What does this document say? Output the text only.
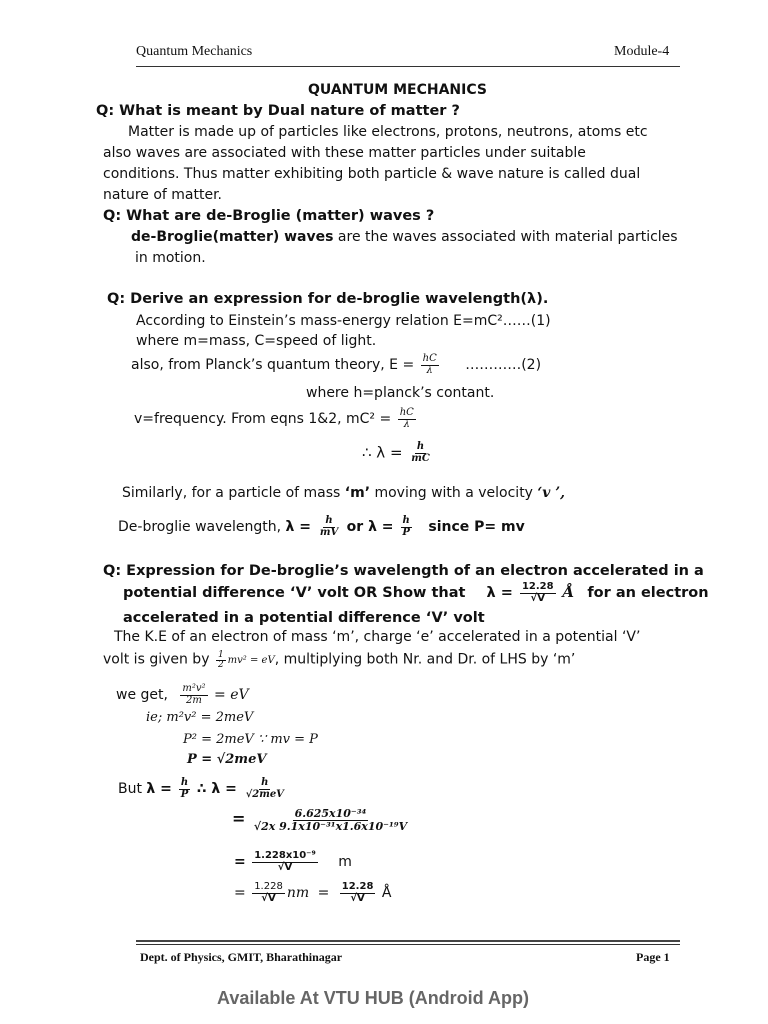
Quantum Mechanics	Module-4
QUANTUM MECHANICS
Q: What is meant by Dual nature of matter ?
Matter is made up of particles like electrons, protons, neutrons, atoms etc
also waves are associated with these matter particles under suitable
conditions. Thus matter exhibiting both particle & wave nature is called dual
nature of matter.
Q: What are de-Broglie (matter) waves ?
de-Broglie(matter) waves are the waves associated with material particles
in motion.
Q: Derive an expression for de-broglie wavelength(λ).
According to Einstein’s mass-energy relation E=mC²……(1)
where m=mass, C=speed of light.
also, from Planck’s quantum theory, $E = \frac{hC}{\lambda}$ …………(2)
where h=planck’s contant.
v=frequency. From eqns 1&2, $mC^2 = \frac{hC}{\lambda}$
∴ $\lambda = \frac{h}{mC}$
Similarly, for a particle of mass ‘m’ moving with a velocity ‘v ’,
De-broglie wavelength, $\lambda = \frac{h}{mV}$ or $\lambda = \frac{h}{P}$ since P= mv
Q: Expression for De-broglie’s wavelength of an electron accelerated in a
potential difference ‘V’ volt OR Show that $\lambda = \frac{12.28}{√V}$ Å for an electron
accelerated in a potential difference ‘V’ volt
The K.E of an electron of mass ‘m’, charge ‘e’ accelerated in a potential ‘V’
volt is given by $\frac{1}{2} mv^2$ = eV, multiplying both Nr. and Dr. of LHS by ‘m’
we get, $\frac{\text{m²v²}}{2m}$ = eV
ie; m²v² = 2meV
P² = 2meV ∵ mv = P
P = √2meV
But $\lambda = \frac{h}{P}$ ∴ $\lambda = \frac{h}{\text{√2meV}}$
= $\frac{\text{6.625x10⁻³⁴}}{\text{√2x 9.1x10⁻³¹x1.6x10⁻¹⁹V}}$
= $\frac{\text{1.228x10⁻⁹}}{√V}$ m
= $\frac{1.228}{√V}$ nm = $\frac{12.28}{√V}$ Å
Dept. of Physics, GMIT, Bharathinagar	Page 1
Available At VTU HUB (Android App)
